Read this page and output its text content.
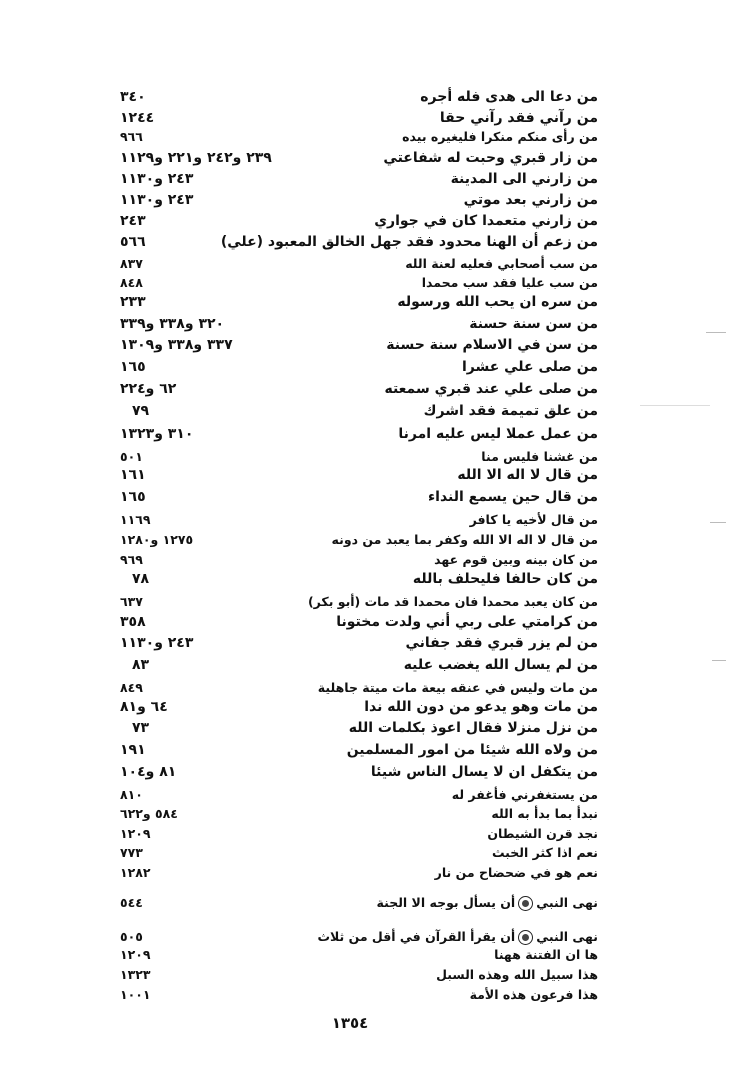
من دعا الى هدى فله أجره
٣٤٠
من رآني فقد رآني حقا
١٢٤٤
من رأى منكم منكرا فليغيره بيده
٩٦٦
من زار قبري وحبت له شفاعتي
٢٣٩ و٢٤٢ و٢٢١ و١١٢٩
من زارني الى المدينة
٢٤٣ و١١٣٠
من زارني بعد موتي
٢٤٣ و١١٣٠
من زارني متعمدا كان في جواري
٢٤٣
من زعم أن الهنا محدود فقد جهل الخالق المعبود (علي)
٥٦٦
من سب أصحابي فعليه لعنة الله
٨٣٧
من سب عليا فقد سب محمدا
٨٤٨
من سره ان يحب الله ورسوله
٢٣٣
من سن سنة حسنة
٣٢٠ و٣٣٨ و٣٣٩
من سن في الاسلام سنة حسنة
٣٣٧ و٣٣٨ و١٣٠٩
من صلى علي عشرا
١٦٥
من صلى علي عند قبري سمعته
٦٢ و٢٢٤
من علق تميمة فقد اشرك
٧٩
من عمل عملا ليس عليه امرنا
٣١٠ و١٣٢٣
من غشنا فليس منا
٥٠١
من قال لا اله الا الله
١٦١
من قال حين يسمع النداء
١٦٥
من قال لأخيه يا كافر
١١٦٩
من قال لا اله الا الله وكفر بما يعبد من دونه
١٢٧٥ و١٢٨٠
من كان بينه وبين قوم عهد
٩٦٩
من كان حالفا فليحلف بالله
٧٨
من كان يعبد محمدا فان محمدا قد مات (أبو بكر)
٦٣٧
من كرامتي على ربي أني ولدت مختونا
٣٥٨
من لم يزر قبري فقد جفاني
٢٤٣ و١١٣٠
من لم يسال الله يغضب عليه
٨٣
من مات وليس في عنقه بيعة مات ميتة جاهلية
٨٤٩
من مات وهو يدعو من دون الله ندا
٦٤ و٨١
من نزل منزلا فقال اعوذ بكلمات الله
٧٣
من ولاه الله شيئا من امور المسلمين
١٩١
من يتكفل ان لا يسال الناس شيئا
٨١ و١٠٤
من يستغفرني فأغفر له
٨١٠
نبدأ بما بدأ به الله
٥٨٤ و٦٢٢
نجد قرن الشيطان
١٢٠٩
نعم اذا كثر الخبث
٧٧٣
نعم هو في ضحضاح من نار
١٢٨٢
نهى النبيأن يسأل بوجه الا الجنة
٥٤٤
نهى النبيأن يقرأ القرآن في أقل من ثلاث
٥٠٥
ها ان الفتنة ههنا
١٢٠٩
هذا سبيل الله وهذه السبل
١٣٢٣
هذا فرعون هذه الأمة
١٠٠١
١٣٥٤
